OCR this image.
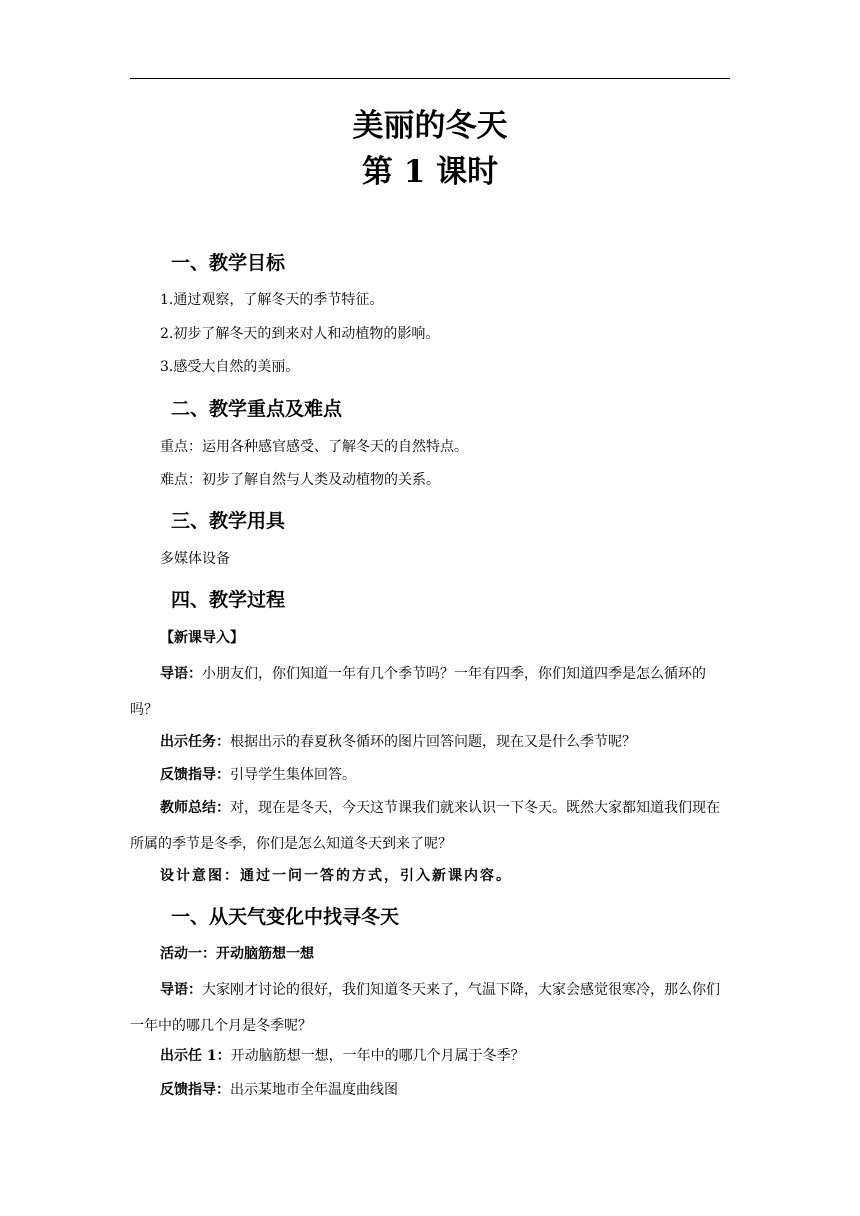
美丽的冬天
第 1 课时
一、教学目标
1.通过观察，了解冬天的季节特征。
2.初步了解冬天的到来对人和动植物的影响。
3.感受大自然的美丽。
二、教学重点及难点
重点：运用各种感官感受、了解冬天的自然特点。
难点：初步了解自然与人类及动植物的关系。
三、教学用具
多媒体设备
四、教学过程
【新课导入】
导语：小朋友们，你们知道一年有几个季节吗？一年有四季，你们知道四季是怎么循环的吗？
出示任务：根据出示的春夏秋冬循环的图片回答问题，现在又是什么季节呢？
反馈指导：引导学生集体回答。
教师总结：对，现在是冬天，今天这节课我们就来认识一下冬天。既然大家都知道我们现在所属的季节是冬季，你们是怎么知道冬天到来了呢？
设计意图：通过一问一答的方式，引入新课内容。
一、从天气变化中找寻冬天
活动一：开动脑筋想一想
导语：大家刚才讨论的很好，我们知道冬天来了，气温下降，大家会感觉很寒冷，那么你们一年中的哪几个月是冬季呢？
出示任 1：开动脑筋想一想，一年中的哪几个月属于冬季？
反馈指导：出示某地市全年温度曲线图
